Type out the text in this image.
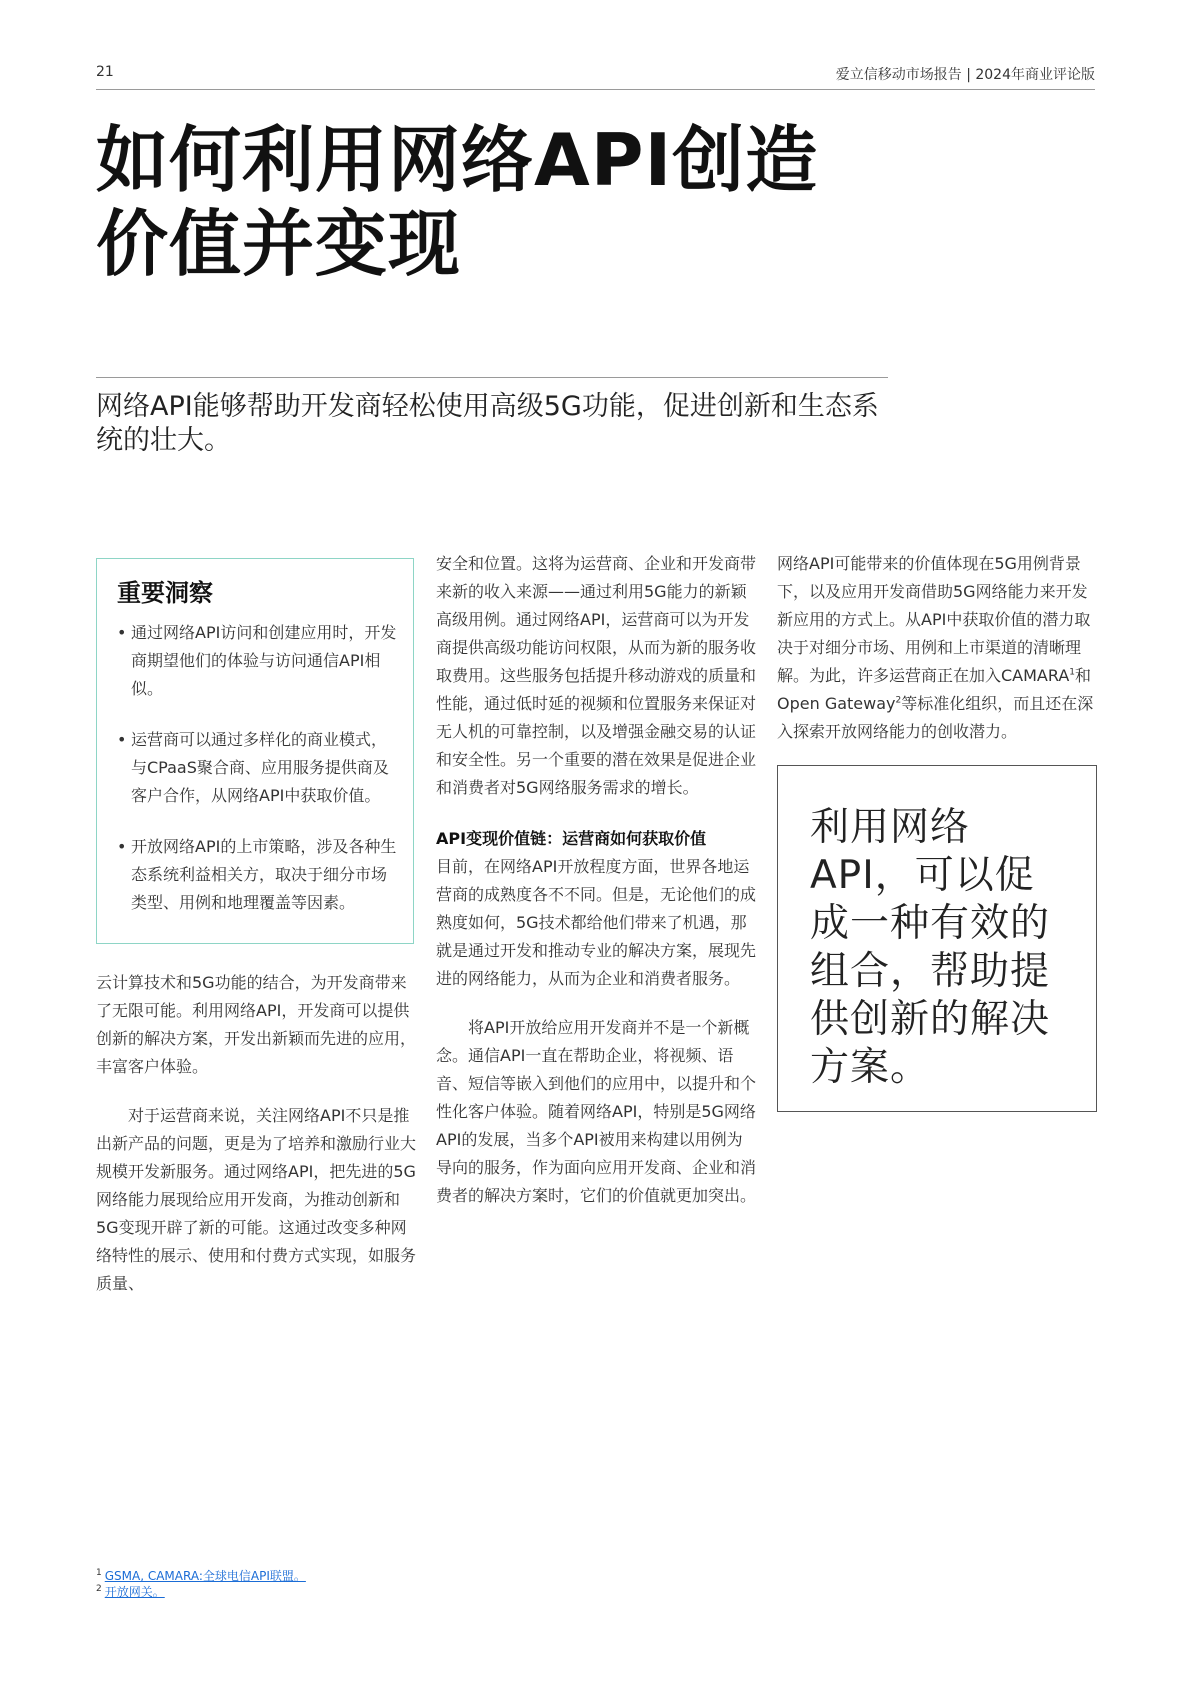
21	爱立信移动市场报告 | 2024年商业评论版
如何利用网络API创造
价值并变现

网络API能够帮助开发商轻松使用高级5G功能，促进创新和生态系统的壮大。

重要洞察
• 通过网络API访问和创建应用时，开发商期望他们的体验与访问通信API相似。
• 运营商可以通过多样化的商业模式，与CPaaS聚合商、应用服务提供商及客户合作，从网络API中获取价值。
• 开放网络API的上市策略，涉及各种生态系统利益相关方，取决于细分市场类型、用例和地理覆盖等因素。

云计算技术和5G功能的结合，为开发商带来了无限可能。利用网络API，开发商可以提供创新的解决方案，开发出新颖而先进的应用，丰富客户体验。

对于运营商来说，关注网络API不只是推出新产品的问题，更是为了培养和激励行业大规模开发新服务。通过网络API，把先进的5G网络能力展现给应用开发商，为推动创新和5G变现开辟了新的可能。这通过改变多种网络特性的展示、使用和付费方式实现，如服务质量、

安全和位置。这将为运营商、企业和开发商带来新的收入来源——通过利用5G能力的新颖高级用例。通过网络API，运营商可以为开发商提供高级功能访问权限，从而为新的服务收取费用。这些服务包括提升移动游戏的质量和性能，通过低时延的视频和位置服务来保证对无人机的可靠控制，以及增强金融交易的认证和安全性。另一个重要的潜在效果是促进企业和消费者对5G网络服务需求的增长。

API变现价值链：运营商如何获取价值

目前，在网络API开放程度方面，世界各地运营商的成熟度各不不同。但是，无论他们的成熟度如何，5G技术都给他们带来了机遇，那就是通过开发和推动专业的解决方案，展现先进的网络能力，从而为企业和消费者服务。

将API开放给应用开发商并不是一个新概念。通信API一直在帮助企业，将视频、语音、短信等嵌入到他们的应用中，以提升和个性化客户体验。随着网络API，特别是5G网络API的发展，当多个API被用来构建以用例为导向的服务，作为面向应用开发商、企业和消费者的解决方案时，它们的价值就更加突出。

网络API可能带来的价值体现在5G用例背景下，以及应用开发商借助5G网络能力来开发新应用的方式上。从API中获取价值的潜力取决于对细分市场、用例和上市渠道的清晰理解。为此，许多运营商正在加入CAMARA$^1$和Open Gateway$^2$等标准化组织，而且还在深入探索开放网络能力的创收潜力。

利用网络API，可以促成一种有效的组合，帮助提供创新的解决方案。

$^1$ GSMA, CAMARA:全球电信API联盟。
$^2$ 开放网关。
